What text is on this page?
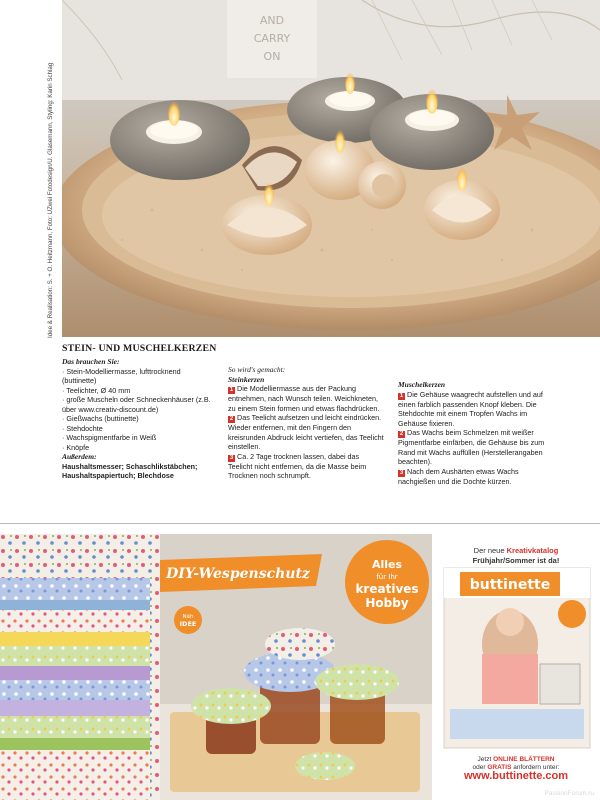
AND
CARRY
ON
Idee & Realisation: S. + O. Heitzmann, Foto: UZwei Fotodesign/U. Glasemann, Styling: Karin Schlag
STEIN- UND MUSCHELKERZEN
Das brauchen Sie:
· Stein-Modelliermasse, lufttrocknend (buttinette)
· Teelichter, Ø 40 mm
· große Muscheln oder Schneckenhäuser (z.B. über www.creativ-discount.de)
· Gießwachs (buttinette)
· Stehdochte
· Wachspigmentfarbe in Weiß
· Knöpfe
Außerdem:
Haushaltsmesser; Schaschlikstäbchen; Haushaltspapiertuch; Blechdose
So wird's gemacht:
Steinkerzen
1 Die Modelliermasse aus der Packung entnehmen, nach Wunsch teilen. Weichkneten, zu einem Stein formen und etwas flachdrücken.
2 Das Teelicht aufsetzen und leicht eindrücken. Wieder entfernen, mit den Fingern den kreisrunden Abdruck leicht vertiefen, das Teelicht einstellen.
3 Ca. 2 Tage trocknen lassen, dabei das Teelicht nicht entfernen, da die Masse beim Trocknen noch schrumpft.
Muschelkerzen
1 Die Gehäuse waagrecht aufstellen und auf einen farblich passenden Knopf kleben. Die Stehdochte mit einem Tropfen Wachs im Gehäuse fixieren.
2 Das Wachs beim Schmelzen mit weißer Pigmentfarbe einfärben, die Gehäuse bis zum Rand mit Wachs auffüllen (Herstellerangaben beachten).
3 Nach dem Aushärten etwas Wachs nachgießen und die Dochte kürzen.
DIY-Wespenschutz
Näh
IDEE
Alles
für Ihr
kreatives
Hobby
Der neue Kreativkatalog
Frühjahr/Sommer ist da!
buttinette
Jetzt ONLINE BLÄTTERN
oder GRATIS anfordern unter:
www.buttinette.com
PassionForum.ru
